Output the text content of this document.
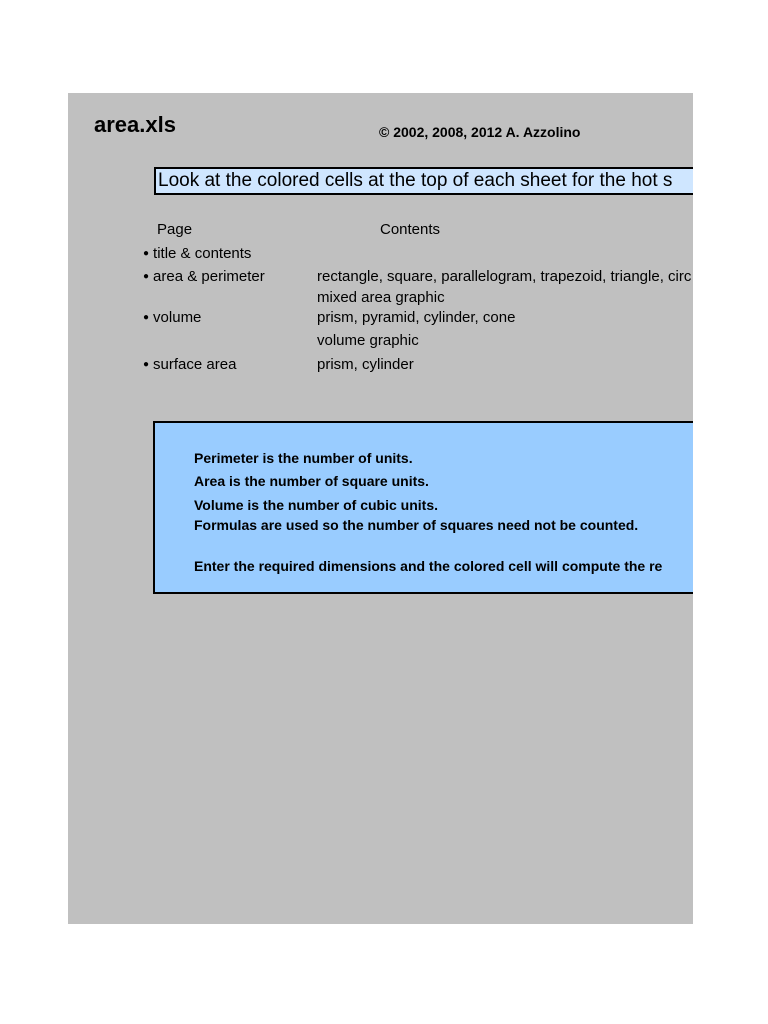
area.xls	© 2002, 2008, 2012 A. Azzolino
Look at the colored cells at the top of each sheet for the hot s
Page	Contents
● title & contents
● area & perimeter	rectangle, square, parallelogram, trapezoid, triangle, circ
mixed area graphic
● volume	prism, pyramid, cylinder, cone
volume graphic
● surface area	prism, cylinder
Perimeter is the number of units.
Area is the number of square units.
Volume is the number of cubic units.
Formulas are used so the number of squares need not be counted.
Enter the required dimensions and the colored cell will compute the re
